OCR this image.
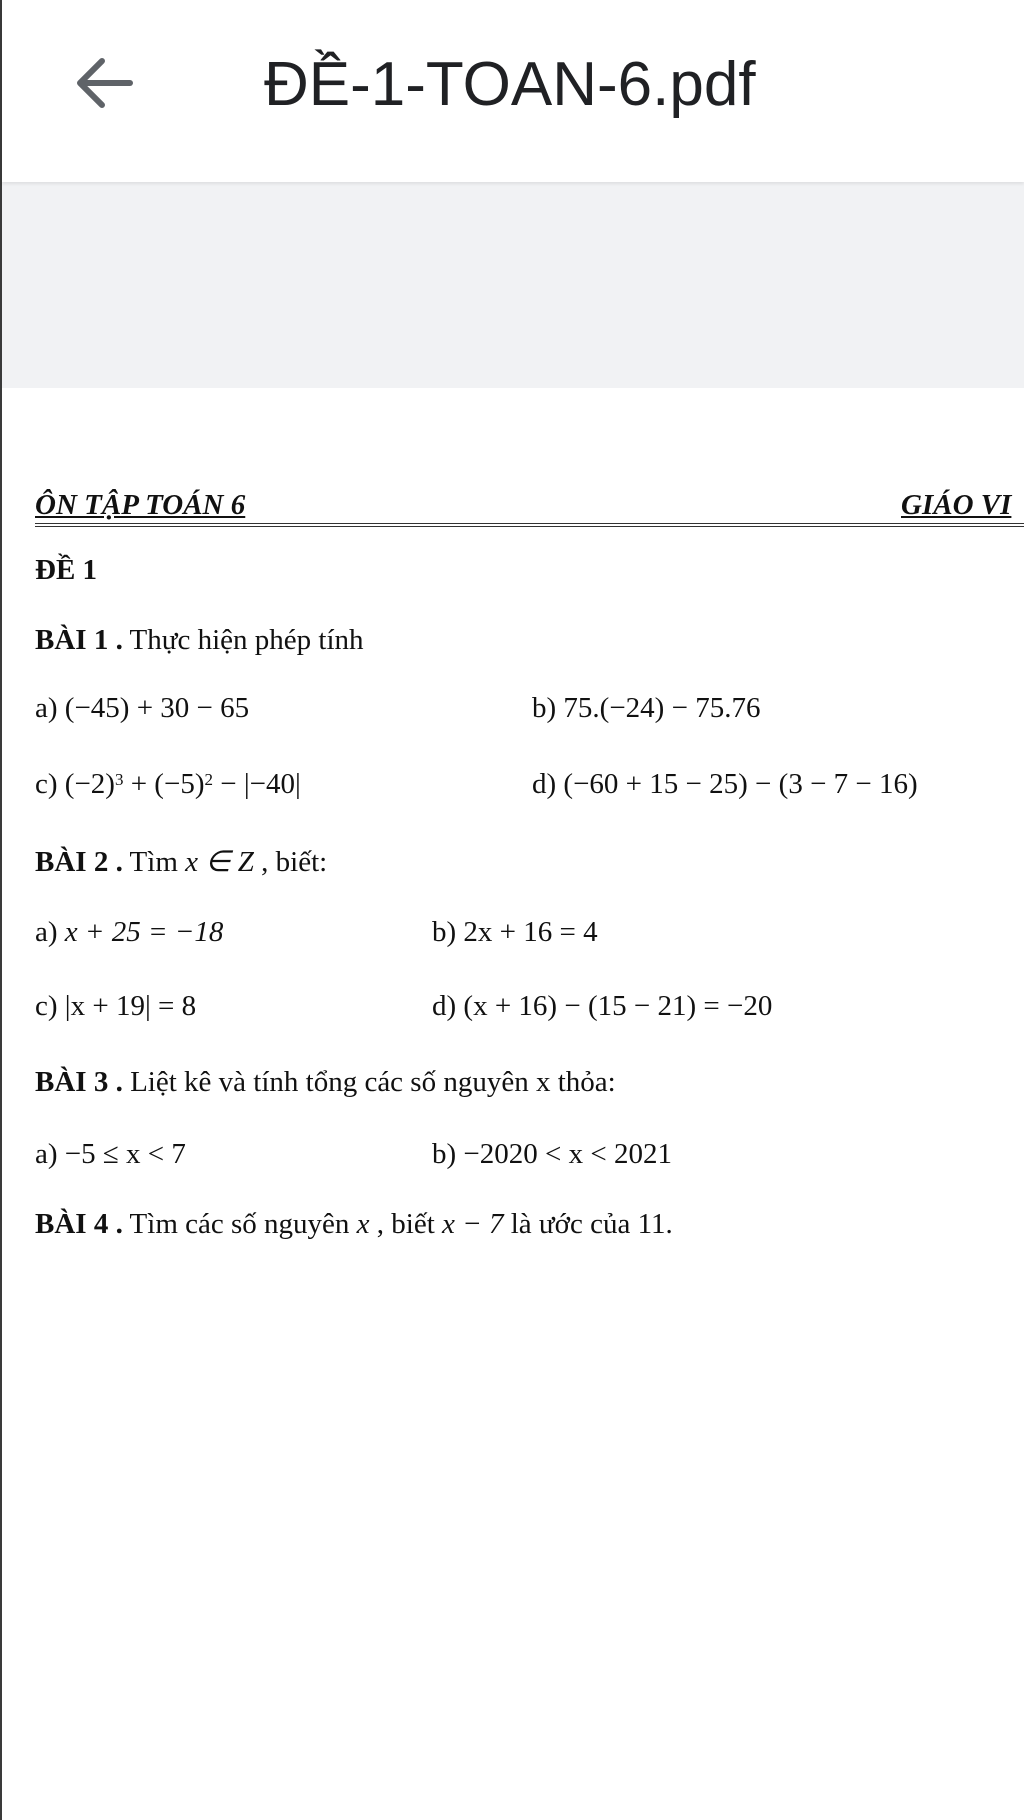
ĐỀ-1-TOAN-6.pdf
ÔN TẬP TOÁN 6	GIÁO VI
ĐỀ 1
BÀI 1 . Thực hiện phép tính
a) (−45) + 30 − 65	b) 75.(−24) − 75.76
c) $(-2)^3 + (-5)^2 - |-40|$	d) (−60 + 15 − 25) − (3 − 7 − 16)
BÀI 2 . Tìm x ∈ Z , biết:
a) x + 25 = −18	b) 2x + 16 = 4
c) |x + 19| = 8	d) (x + 16) − (15 − 21) = −20
BÀI 3 . Liệt kê và tính tổng các số nguyên x thỏa:
a) −5 ≤ x < 7	b) −2020 < x < 2021
BÀI 4 . Tìm các số nguyên x , biết x − 7 là ước của 11.
